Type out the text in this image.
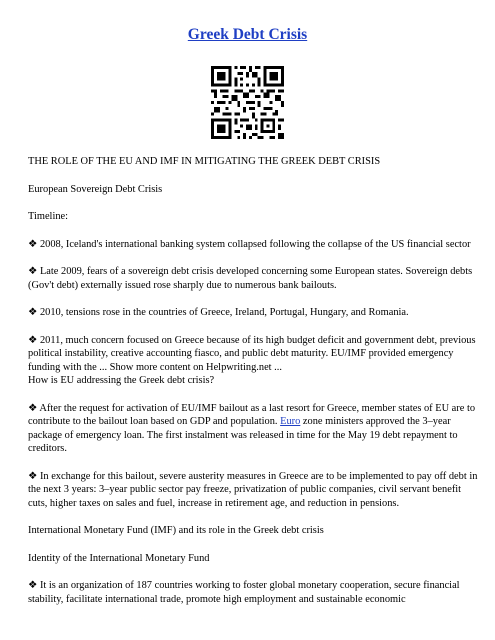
Greek Debt Crisis

THE ROLE OF THE EU AND IMF IN MITIGATING THE GREEK DEBT CRISIS

European Sovereign Debt Crisis

Timeline:

❖ 2008, Iceland's international banking system collapsed following the collapse of the US financial sector

❖ Late 2009, fears of a sovereign debt crisis developed concerning some European states. Sovereign debts (Gov't debt) externally issued rose sharply due to numerous bank bailouts.

❖ 2010, tensions rose in the countries of Greece, Ireland, Portugal, Hungary, and Romania.

❖ 2011, much concern focused on Greece because of its high budget deficit and government debt, previous political instability, creative accounting fiasco, and public debt maturity. EU/IMF provided emergency funding with the ... Show more content on Helpwriting.net ...
How is EU addressing the Greek debt crisis?

❖ After the request for activation of EU/IMF bailout as a last resort for Greece, member states of EU are to contribute to the bailout loan based on GDP and population. Euro zone ministers approved the 3–year package of emergency loan. The first instalment was released in time for the May 19 debt repayment to creditors.

❖ In exchange for this bailout, severe austerity measures in Greece are to be implemented to pay off debt in the next 3 years: 3–year public sector pay freeze, privatization of public companies, civil servant benefit cuts, higher taxes on sales and fuel, increase in retirement age, and reduction in pensions.

International Monetary Fund (IMF) and its role in the Greek debt crisis

Identity of the International Monetary Fund

❖ It is an organization of 187 countries working to foster global monetary cooperation, secure financial stability, facilitate international trade, promote high employment and sustainable economic
